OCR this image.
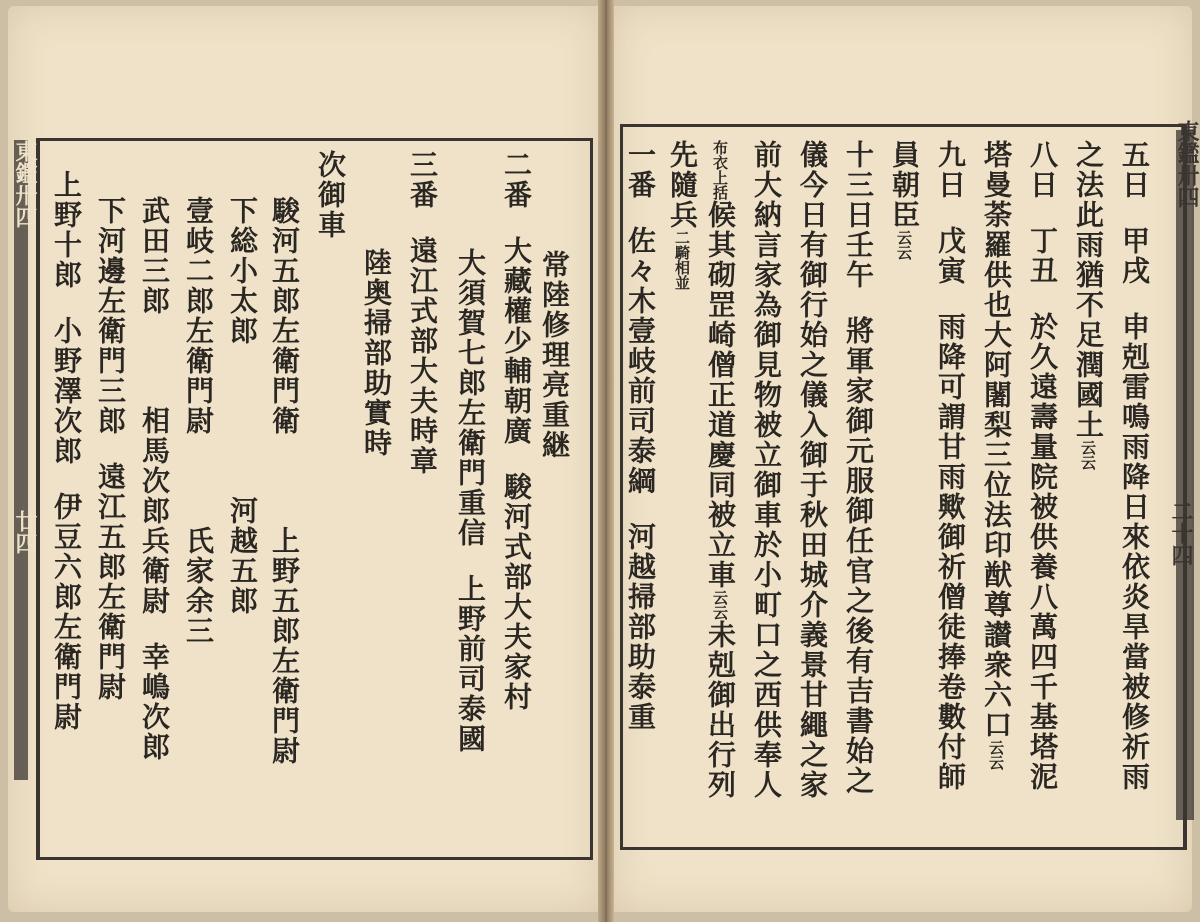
東鑑卅四
二十四
東鑑卅四
廿四
五日甲戌申剋雷鳴雨降日來依炎旱當被修祈雨
之法此雨猶不足潤國土云云
八日丁丑於久遠壽量院被供養八萬四千基塔泥
塔曼荼羅供也大阿闍梨三位法印猷尊讃衆六口云云
九日戊寅雨降可謂甘雨歟御祈僧徒捧卷數付師
員朝臣云云
十三日壬午將軍家御元服御任官之後有吉書始之
儀今日有御行始之儀入御于秋田城介義景甘繩之家
前大納言家為御見物被立御車於小町口之西供奉人
布衣上括候其砌罡崎僧正道慶同被立車云云未剋御出行列
先隨兵二騎相並
一番佐々木壹岐前司泰綱河越掃部助泰重
二番大藏權少輔朝廣駿河式部大夫家村
常陸修理亮重継
大須賀七郎左衛門重信上野前司泰國
三番遠江式部大夫時章
陸奥掃部助實時
次御車
駿河五郎左衛門衛上野五郎左衛門尉
下総小太郎河越五郎
壹岐二郎左衛門尉氏家余三
武田三郎相馬次郎兵衛尉幸嶋次郎
下河邊左衛門三郎遠江五郎左衛門尉
上野十郎小野澤次郎伊豆六郎左衛門尉
